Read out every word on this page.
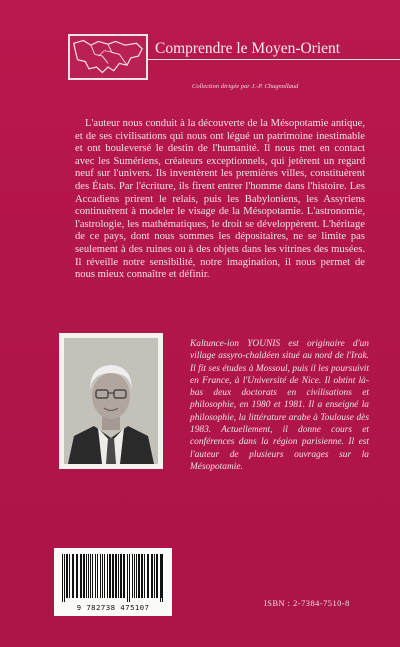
Comprendre le Moyen-Orient
Collection dirigée par J.-P. Chagnollaud

L'auteur nous conduit à la découverte de la Mésopotamie antique, et de ses civilisations qui nous ont légué un patrimoine inestimable et ont bouleversé le destin de l'humanité. Il nous met en contact avec les Sumériens, créateurs exceptionnels, qui jetèrent un regard neuf sur l'univers. Ils inventèrent les premières villes, constituèrent des États. Par l'écriture, ils firent entrer l'homme dans l'histoire. Les Accadiens prirent le relais, puis les Babyloniens, les Assyriens continuèrent à modeler le visage de la Mésopotamie. L'astronomie, l'astrologie, les mathématiques, le droit se développèrent. L'héritage de ce pays, dont nous sommes les dépositaires, ne se limite pas seulement à des ruines ou à des objets dans les vitrines des musées. Il réveille notre sensibilité, notre imagination, il nous permet de nous mieux connaître et définir.

Kaltunce-ion YOUNIS est originaire d'un village assyro-chaldéen situé au nord de l'Irak. Il fit ses études à Mossoul, puis il les poursuivit en France, à l'Université de Nice. Il obtint là-bas deux doctorats en civilisations et philosophie, en 1980 et 1981. Il a enseigné la philosophie, la littérature arabe à Toulouse dès 1983. Actuellement, il donne cours et conférences dans la région parisienne. Il est l'auteur de plusieurs ouvrages sur la Mésopotamie.

9 782738 475107	ISBN : 2-7384-7510-8
